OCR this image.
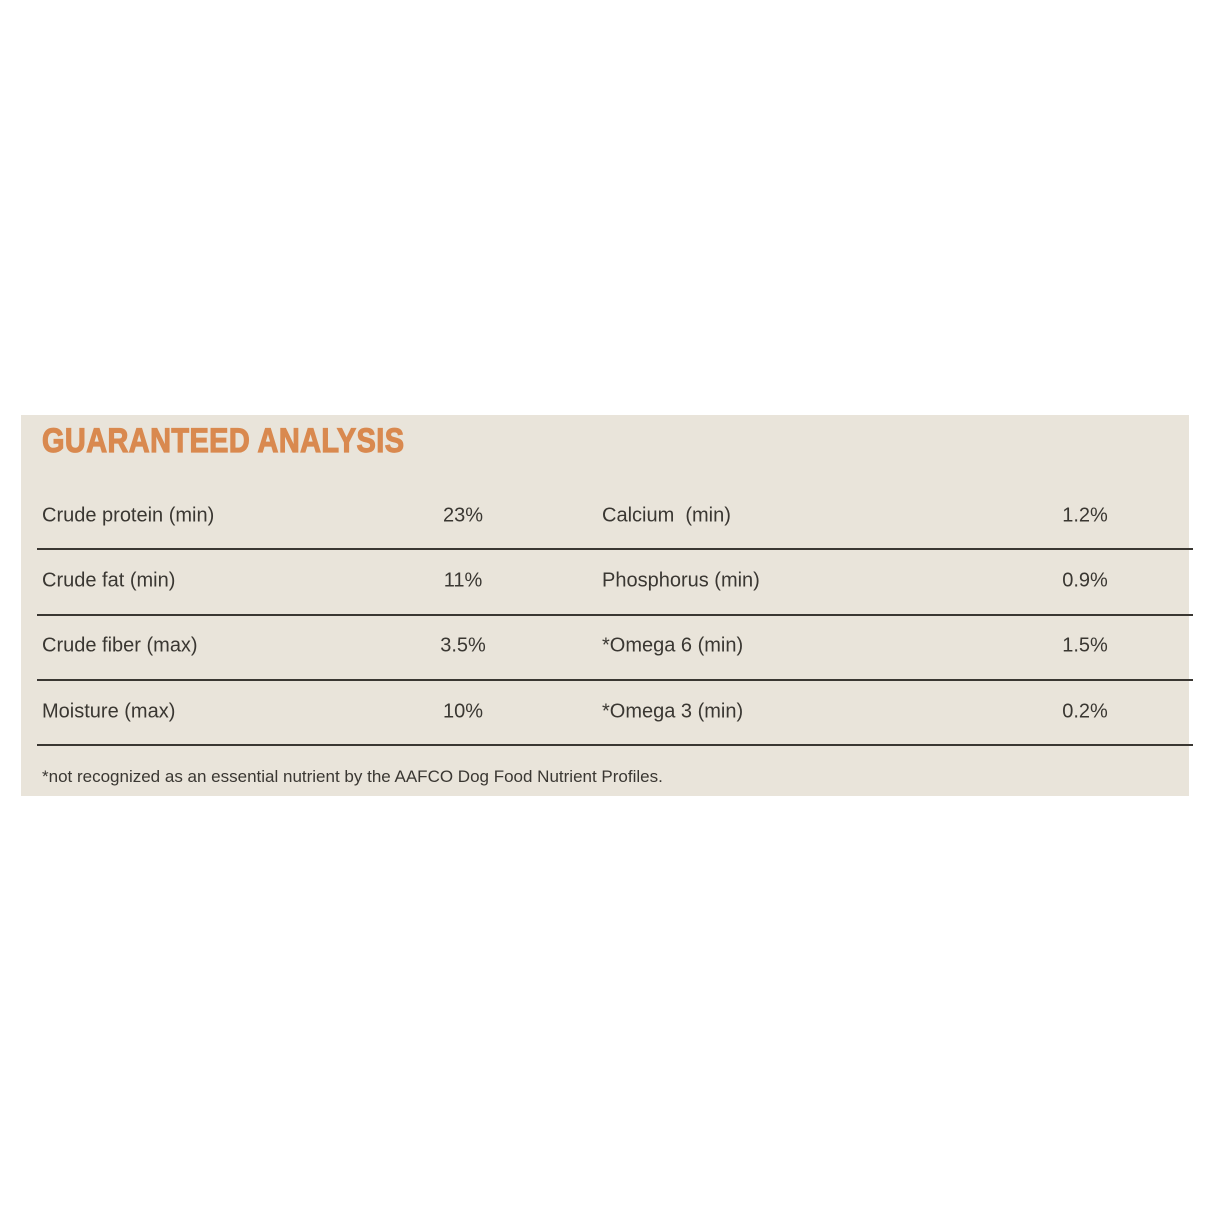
GUARANTEED ANALYSIS
Crude protein (min)	23%	Calcium  (min)	1.2%
Crude fat (min)	11%	Phosphorus (min)	0.9%
Crude fiber (max)	3.5%	*Omega 6 (min)	1.5%
Moisture (max)	10%	*Omega 3 (min)	0.2%

*not recognized as an essential nutrient by the AAFCO Dog Food Nutrient Profiles.
